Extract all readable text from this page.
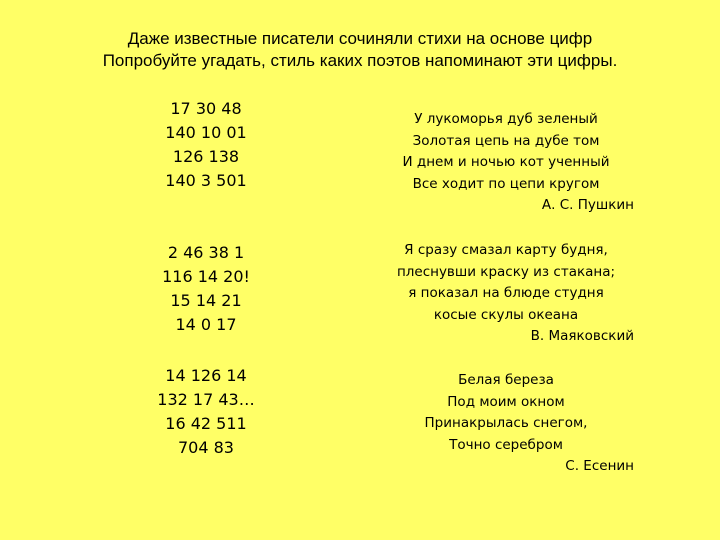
Даже известные писатели сочиняли стихи на основе цифр
Попробуйте угадать, стиль каких поэтов напоминают эти цифры.
17 30 48
140 10 01
126 138
140 3 501
У лукоморья дуб зеленый
Золотая цепь на дубе том
И днем и ночью кот ученный
Все ходит по цепи кругом
А. С. Пушкин
2 46 38 1
116 14 20!
15 14 21
14 0 17
Я сразу смазал карту будня,
плеснувши краску из стакана;
я показал на блюде студня
косые скулы океана
В. Маяковский
14 126 14
132 17 43…
16 42 511
704 83
Белая береза
Под моим окном
Принакрылась снегом,
Точно серебром
С. Есенин
